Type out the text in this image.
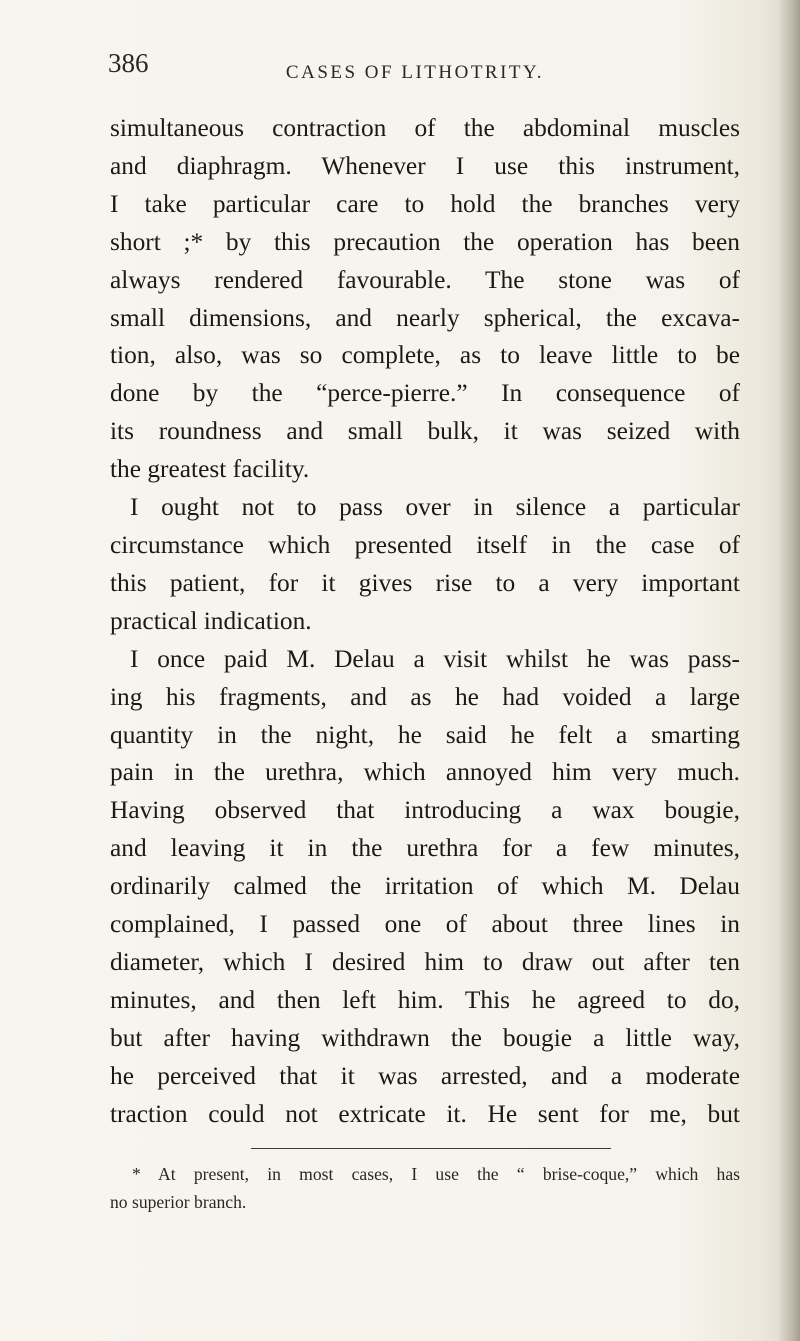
386	CASES OF LITHOTRITY.
simultaneous contraction of the abdominal muscles
and diaphragm. Whenever I use this instrument,
I take particular care to hold the branches very
short ;* by this precaution the operation has been
always rendered favourable. The stone was of
small dimensions, and nearly spherical, the excava-
tion, also, was so complete, as to leave little to be
done by the “perce-pierre.” In consequence of
its roundness and small bulk, it was seized with
the greatest facility.
I ought not to pass over in silence a particular
circumstance which presented itself in the case of
this patient, for it gives rise to a very important
practical indication.
I once paid M. Delau a visit whilst he was pass-
ing his fragments, and as he had voided a large
quantity in the night, he said he felt a smarting
pain in the urethra, which annoyed him very much.
Having observed that introducing a wax bougie,
and leaving it in the urethra for a few minutes,
ordinarily calmed the irritation of which M. Delau
complained, I passed one of about three lines in
diameter, which I desired him to draw out after ten
minutes, and then left him. This he agreed to do,
but after having withdrawn the bougie a little way,
he perceived that it was arrested, and a moderate
traction could not extricate it. He sent for me, but
* At present, in most cases, I use the “ brise-coque,” which has
no superior branch.
